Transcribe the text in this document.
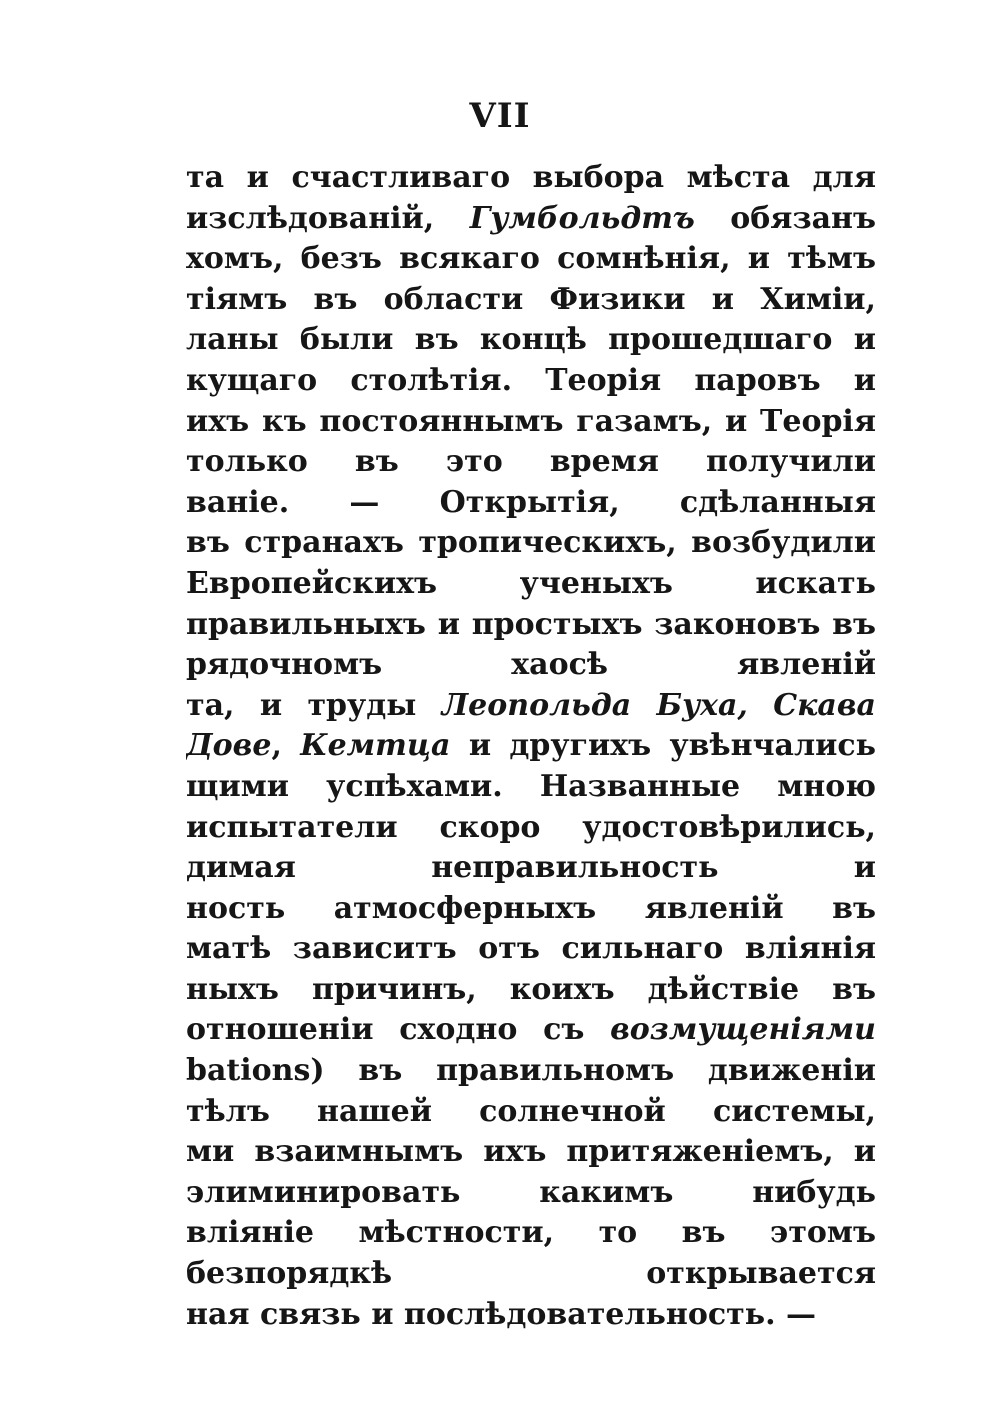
VII
та и счастливаго выбора мѣста для
изслѣдованій, Гумбольдтъ обязанъ
хомъ, безъ всякаго сомнѣнія, и тѣмъ
тіямъ въ области Физики и Химіи,
ланы были въ концѣ прошедшаго и
кущаго столѣтія. Теорія паровъ и
ихъ къ постояннымъ газамъ, и Теорія
только въ это время получили
ваніе. — Открытія, сдѣланныя
въ странахъ тропическихъ, возбудили
Европейскихъ ученыхъ искать
правильныхъ и простыхъ законовъ въ
рядочномъ хаосѣ явленій
та, и труды Леопольда Буха, Скава
Дове, Кемтца и другихъ увѣнчались
щими успѣхами. Названные мною
испытатели скоро удостовѣрились,
димая неправильность и
ность атмосферныхъ явленій въ
матѣ зависитъ отъ сильнаго вліянія
ныхъ причинъ, коихъ дѣйствіе въ
отношеніи сходно съ возмущеніями
bations) въ правильномъ движеніи
тѣлъ нашей солнечной системы,
ми взаимнымъ ихъ притяженіемъ, и
элиминировать какимъ нибудь
вліяніе мѣстности, то въ этомъ
безпорядкѣ открывается
ная связь и послѣдовательность. —
